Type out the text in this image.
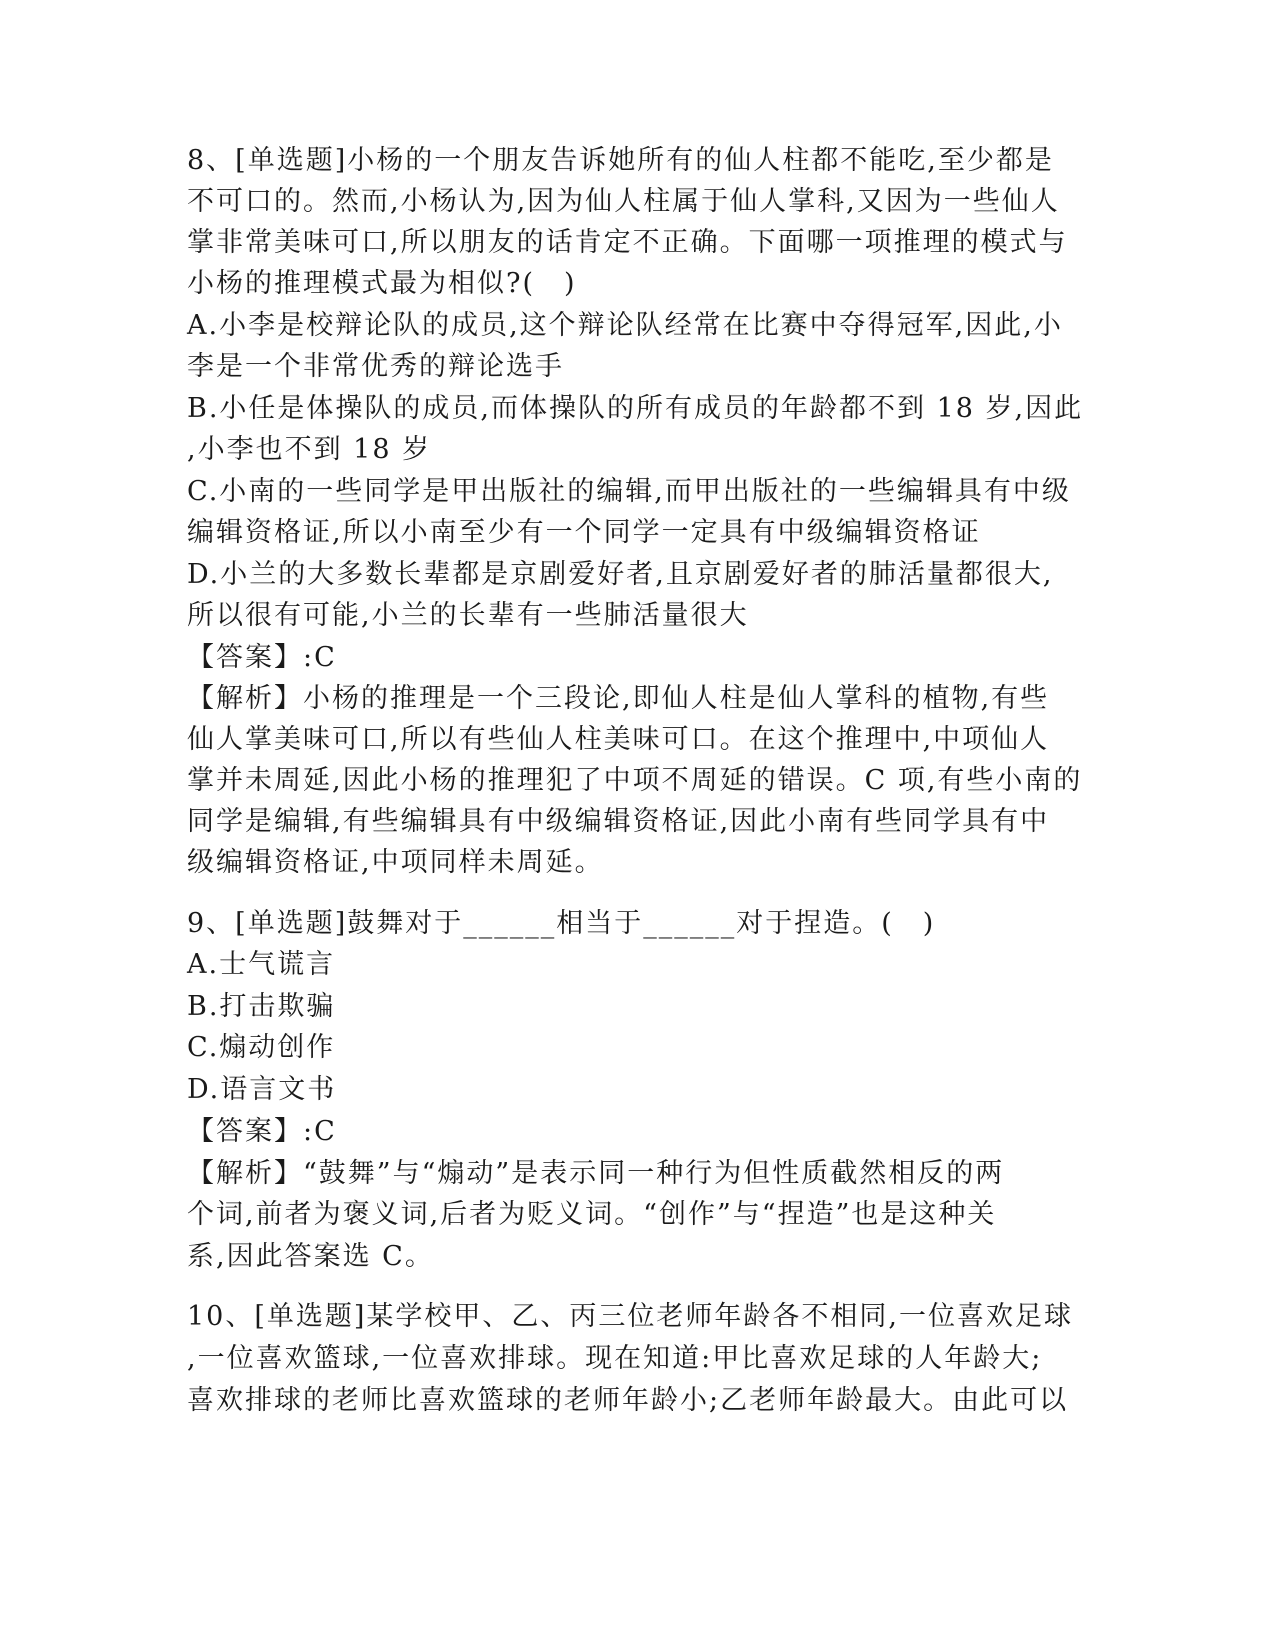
8、[单选题]小杨的一个朋友告诉她所有的仙人柱都不能吃,至少都是
不可口的。然而,小杨认为,因为仙人柱属于仙人掌科,又因为一些仙人
掌非常美味可口,所以朋友的话肯定不正确。下面哪一项推理的模式与
小杨的推理模式最为相似?(　)
A.小李是校辩论队的成员,这个辩论队经常在比赛中夺得冠军,因此,小
李是一个非常优秀的辩论选手
B.小任是体操队的成员,而体操队的所有成员的年龄都不到 18 岁,因此
,小李也不到 18 岁
C.小南的一些同学是甲出版社的编辑,而甲出版社的一些编辑具有中级
编辑资格证,所以小南至少有一个同学一定具有中级编辑资格证
D.小兰的大多数长辈都是京剧爱好者,且京剧爱好者的肺活量都很大,
所以很有可能,小兰的长辈有一些肺活量很大
【答案】:C
【解析】小杨的推理是一个三段论,即仙人柱是仙人掌科的植物,有些
仙人掌美味可口,所以有些仙人柱美味可口。在这个推理中,中项仙人
掌并未周延,因此小杨的推理犯了中项不周延的错误。C 项,有些小南的
同学是编辑,有些编辑具有中级编辑资格证,因此小南有些同学具有中
级编辑资格证,中项同样未周延。
9、[单选题]鼓舞对于______相当于______对于捏造。(　)
A.士气谎言
B.打击欺骗
C.煽动创作
D.语言文书
【答案】:C
【解析】“鼓舞”与“煽动”是表示同一种行为但性质截然相反的两
个词,前者为褒义词,后者为贬义词。“创作”与“捏造”也是这种关
系,因此答案选 C。
10、[单选题]某学校甲、乙、丙三位老师年龄各不相同,一位喜欢足球
,一位喜欢篮球,一位喜欢排球。现在知道:甲比喜欢足球的人年龄大;
喜欢排球的老师比喜欢篮球的老师年龄小;乙老师年龄最大。由此可以
